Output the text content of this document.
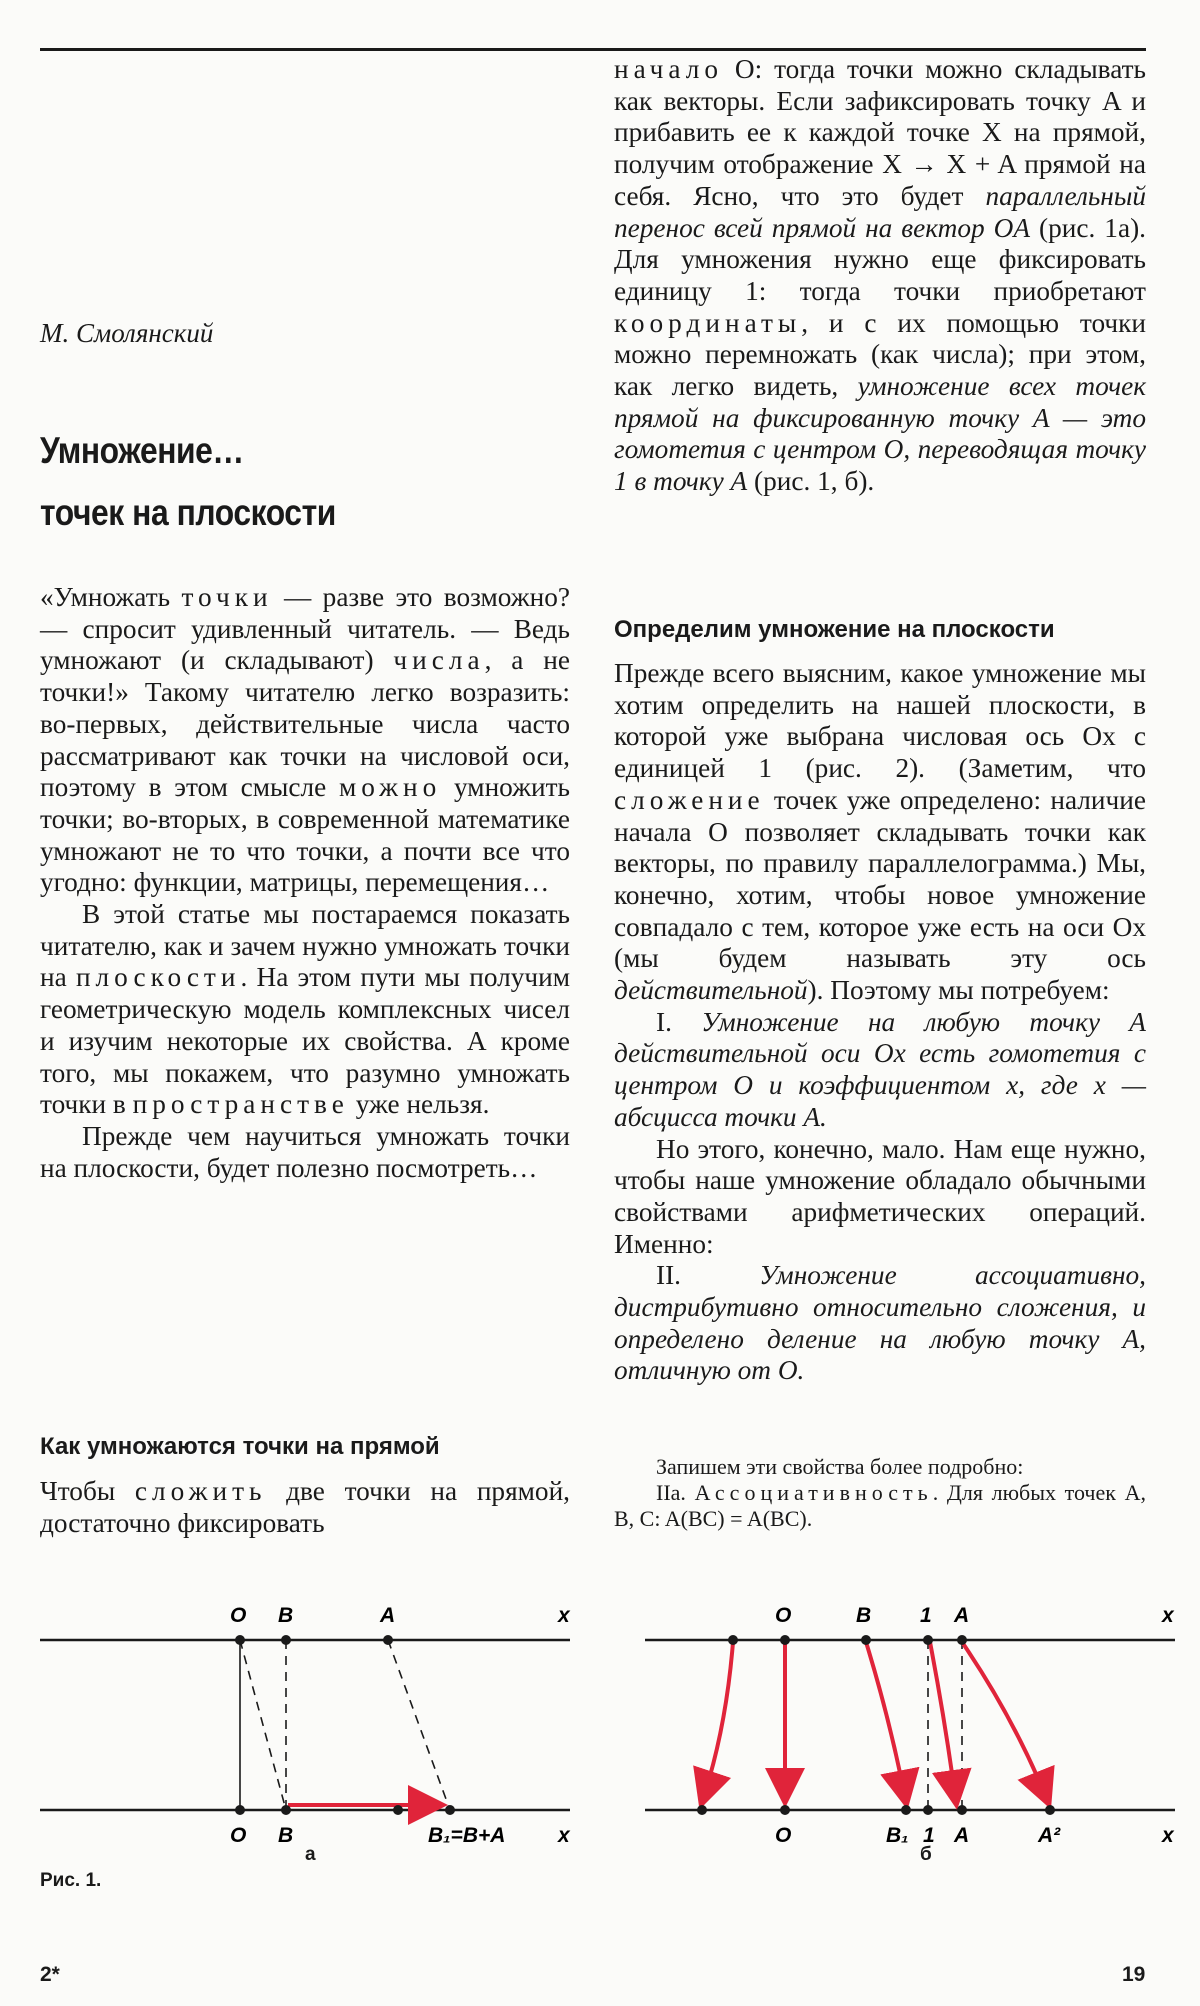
М. Смолянский
Умножение…
точек на плоскости

«Умножать точки — разве это возможно? — спросит удивленный читатель. — Ведь умножают (и складывают) числа, а не точки!» Такому читателю легко возразить: во-первых, действительные числа часто рассматривают как точки на числовой оси, поэтому в этом смысле можно умножить точки; во-вторых, в современной математике умножают не то что точки, а почти все что угодно: функции, матрицы, перемещения…

В этой статье мы постараемся показать читателю, как и зачем нужно умножать точки на плоскости. На этом пути мы получим геометрическую модель комплексных чисел и изучим некоторые их свойства. А кроме того, мы покажем, что разумно умножать точки в пространстве уже нельзя.

Прежде чем научиться умножать точки на плоскости, будет полезно посмотреть…

Как умножаются точки на прямой

Чтобы сложить две точки на прямой, достаточно фиксировать

начало O: тогда точки можно складывать как векторы. Если зафиксировать точку A и прибавить ее к каждой точке X на прямой, получим отображение X → X + A прямой на себя. Ясно, что это будет параллельный перенос всей прямой на вектор OA (рис. 1а). Для умножения нужно еще фиксировать единицу 1: тогда точки приобретают координаты, и с их помощью точки можно перемножать (как числа); при этом, как легко видеть, умножение всех точек прямой на фиксированную точку A — это гомотетия с центром O, переводящая точку 1 в точку A (рис. 1, б).

Определим умножение на плоскости

Прежде всего выясним, какое умножение мы хотим определить на нашей плоскости, в которой уже выбрана числовая ось Ox с единицей 1 (рис. 2). (Заметим, что сложение точек уже определено: наличие начала O позволяет складывать точки как векторы, по правилу параллелограмма.) Мы, конечно, хотим, чтобы новое умножение совпадало с тем, которое уже есть на оси Ox (мы будем называть эту ось действительной). Поэтому мы потребуем:

I. Умножение на любую точку A действительной оси Ox есть гомотетия с центром O и коэффициентом x, где x — абсцисса точки A.

Но этого, конечно, мало. Нам еще нужно, чтобы наше умножение обладало обычными свойствами арифметических операций. Именно:

II. Умножение ассоциативно, дистрибутивно относительно сложения, и определено деление на любую точку A, отличную от O.

Запишем эти свойства более подробно:

IIа. Ассоциативность. Для любых точек A, B, C: A(BC) = A(BC).

O B	A	x
O B	B₁=B+A	x
O	B 1 A	x
O	B₁ 1 A	A²	x
а	б
Рис. 1.
2*	19
